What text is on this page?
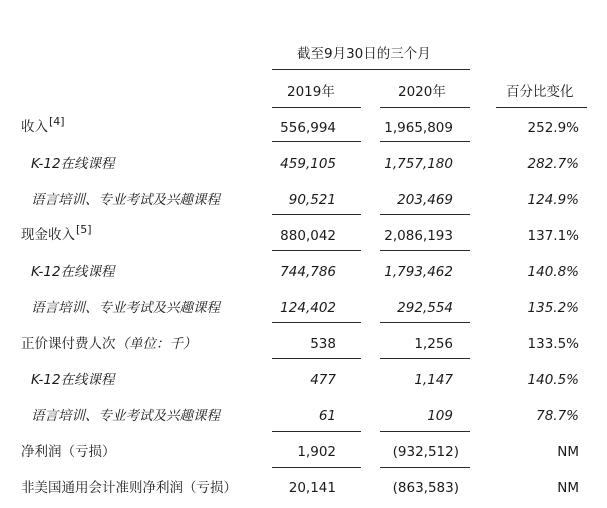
截至9月30日的三个月
2019年	2020年	百分比变化
收入[4]	556,994	1,965,809	252.9%
K-12在线课程	459,105	1,757,180	282.7%
语言培训、专业考试及兴趣课程	90,521	203,469	124.9%
现金收入[5]	880,042	2,086,193	137.1%
K-12在线课程	744,786	1,793,462	140.8%
语言培训、专业考试及兴趣课程	124,402	292,554	135.2%
正价课付费人次（单位：千）	538	1,256	133.5%
K-12在线课程	477	1,147	140.5%
语言培训、专业考试及兴趣课程	61	109	78.7%
净利润（亏损）	1,902	(932,512)	NM
非美国通用会计准则净利润（亏损）	20,141	(863,583)	NM
